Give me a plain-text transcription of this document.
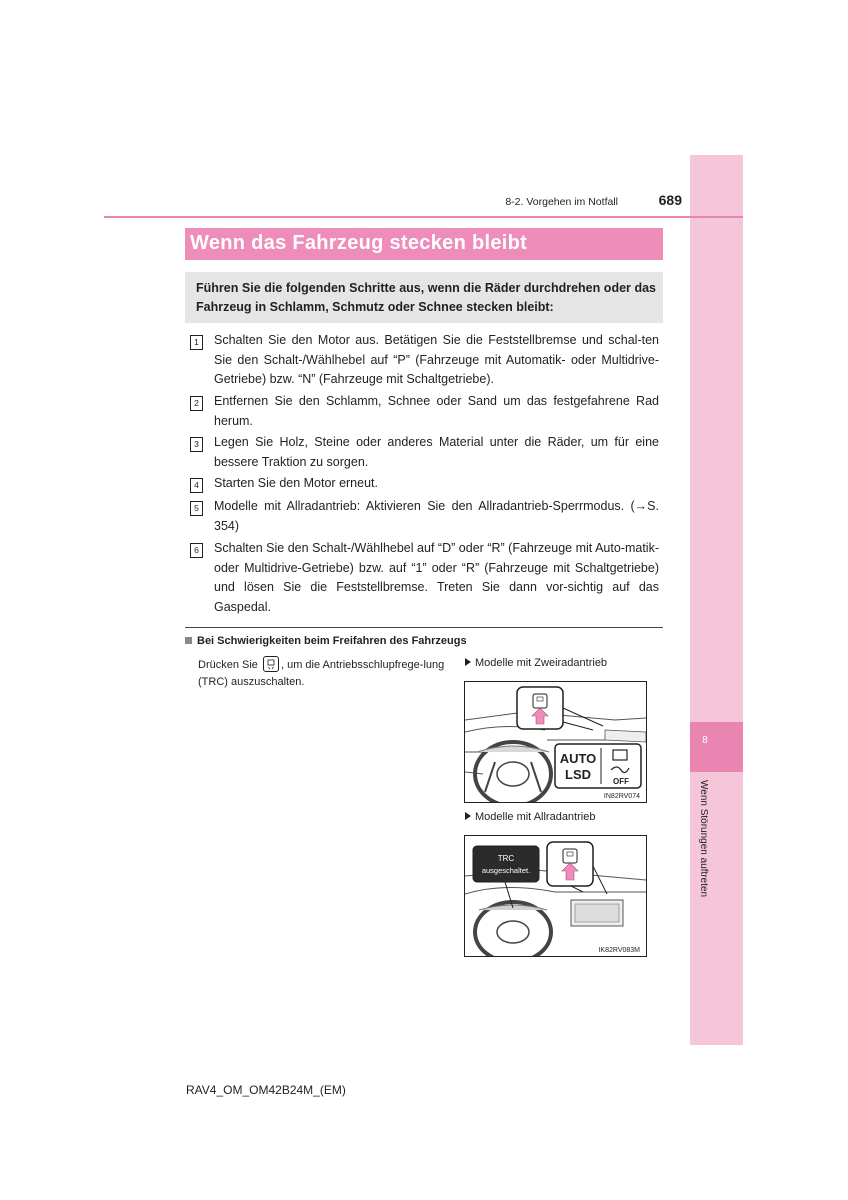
8
Wenn Störungen auftreten
8-2. Vorgehen im Notfall	689
Wenn das Fahrzeug stecken bleibt
Führen Sie die folgenden Schritte aus, wenn die Räder durchdrehen oder das Fahrzeug in Schlamm, Schmutz oder Schnee stecken bleibt:
1	Schalten Sie den Motor aus. Betätigen Sie die Feststellbremse und schal-ten Sie den Schalt-/Wählhebel auf “P” (Fahrzeuge mit Automatik- oder Multidrive-Getriebe) bzw. “N” (Fahrzeuge mit Schaltgetriebe).
2	Entfernen Sie den Schlamm, Schnee oder Sand um das festgefahrene Rad herum.
3	Legen Sie Holz, Steine oder anderes Material unter die Räder, um für eine bessere Traktion zu sorgen.
4	Starten Sie den Motor erneut.
5	Modelle mit Allradantrieb: Aktivieren Sie den Allradantrieb-Sperrmodus. (→S. 354)
6	Schalten Sie den Schalt-/Wählhebel auf “D” oder “R” (Fahrzeuge mit Auto-matik- oder Multidrive-Getriebe) bzw. auf “1” oder “R” (Fahrzeuge mit Schaltgetriebe) und lösen Sie die Feststellbremse. Treten Sie dann vor-sichtig auf das Gaspedal.
Bei Schwierigkeiten beim Freifahren des Fahrzeugs
Drücken Sie , um die Antriebsschlupfrege-lung (TRC) auszuschalten.
Modelle mit Zweiradantrieb
AUTO
LSD	OFF
IN82RV074
Modelle mit Allradantrieb
TRC
ausgeschaltet.
IK82RV083M
RAV4_OM_OM42B24M_(EM)
